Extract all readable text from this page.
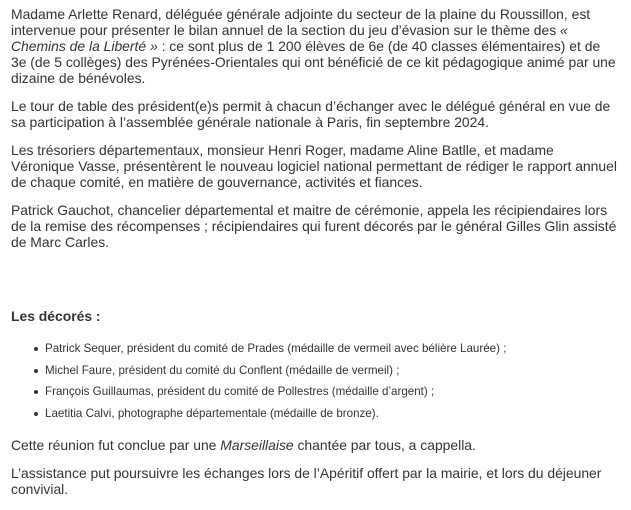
Madame Arlette Renard, déléguée générale adjointe du secteur de la plaine du Roussillon, est intervenue pour présenter le bilan annuel de la section du jeu d’évasion sur le thème des « Chemins de la Liberté » : ce sont plus de 1 200 élèves de 6e (de 40 classes élémentaires) et de 3e (de 5 collèges) des Pyrénées-Orientales qui ont bénéficié de ce kit pédagogique animé par une dizaine de bénévoles.

Le tour de table des président(e)s permit à chacun d’échanger avec le délégué général en vue de sa participation à l’assemblée générale nationale à Paris, fin septembre 2024.

Les trésoriers départementaux, monsieur Henri Roger, madame Aline Batlle, et madame Véronique Vasse, présentèrent le nouveau logiciel national permettant de rédiger le rapport annuel de chaque comité, en matière de gouvernance, activités et fiances.

Patrick Gauchot, chancelier départemental et maitre de cérémonie, appela les récipiendaires lors de la remise des récompenses ; récipiendaires qui furent décorés par le général Gilles Glin assisté de Marc Carles.

Les décorés :
Patrick Sequer, président du comité de Prades (médaille de vermeil avec bélière Laurée) ;
Michel Faure, président du comité du Conflent (médaille de vermeil) ;
François Guillaumas, président du comité de Pollestres (médaille d’argent) ;
Laetitia Calvi, photographe départementale (médaille de bronze).

Cette réunion fut conclue par une Marseillaise chantée par tous, a cappella.

L’assistance put poursuivre les échanges lors de l’Apéritif offert par la mairie, et lors du déjeuner convivial.
